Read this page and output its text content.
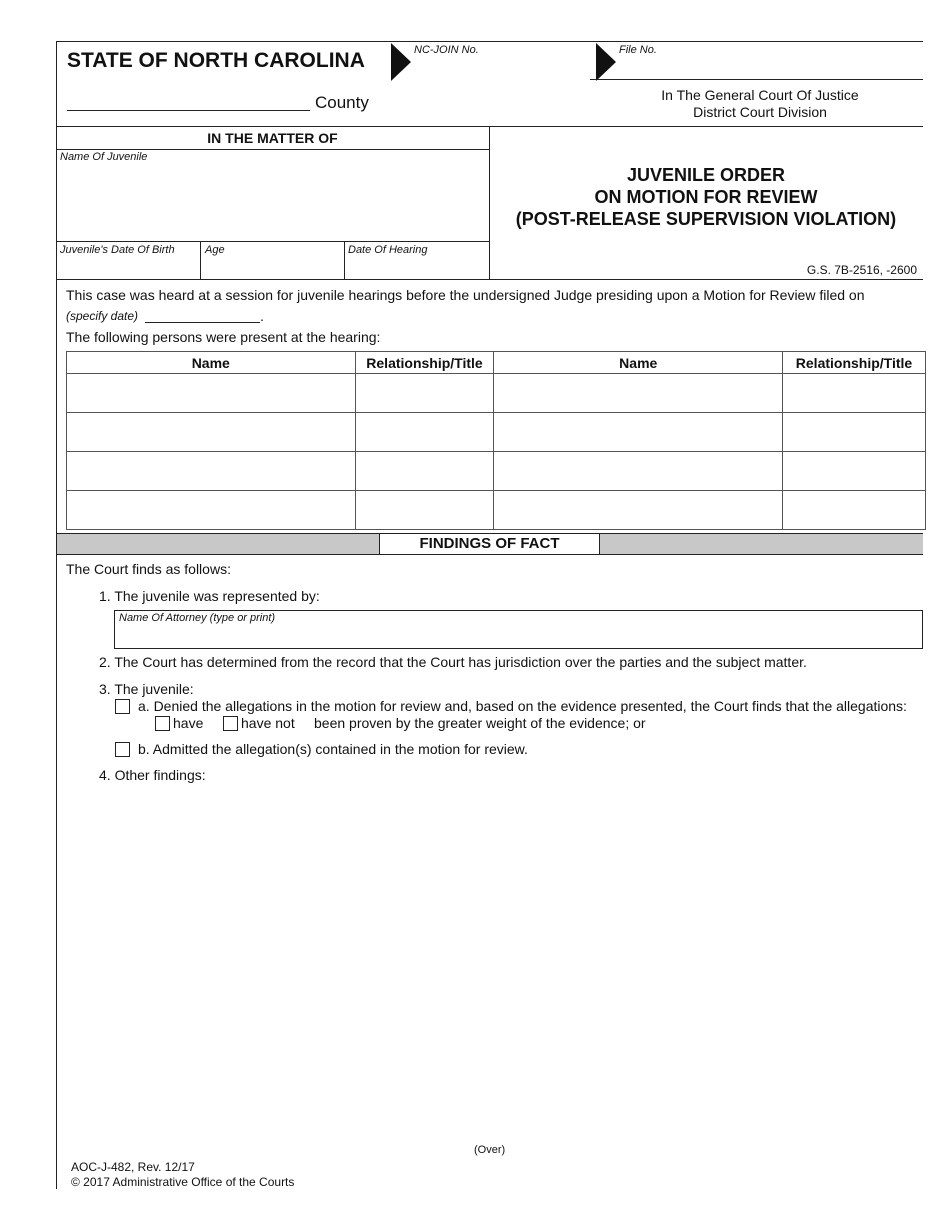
STATE OF NORTH CAROLINA	NC-JOIN No.	File No.
County	In The General Court Of Justice
District Court Division
IN THE MATTER OF
Name Of Juvenile
Juvenile's Date Of Birth	Age	Date Of Hearing
JUVENILE ORDER
ON MOTION FOR REVIEW
(POST-RELEASE SUPERVISION VIOLATION)
G.S. 7B-2516, -2600
This case was heard at a session for juvenile hearings before the undersigned Judge presiding upon a Motion for Review filed on
(specify date)	.
The following persons were present at the hearing:
Name	Relationship/Title	Name	Relationship/Title

FINDINGS OF FACT
The Court finds as follows:
1. The juvenile was represented by:
Name Of Attorney (type or print)
2. The Court has determined from the record that the Court has jurisdiction over the parties and the subject matter.
3. The juvenile:
a. Denied the allegations in the motion for review and, based on the evidence presented, the Court finds that the allegations:
have	have not been proven by the greater weight of the evidence; or
b. Admitted the allegation(s) contained in the motion for review.
4. Other findings:
(Over)
AOC-J-482, Rev. 12/17
© 2017 Administrative Office of the Courts
